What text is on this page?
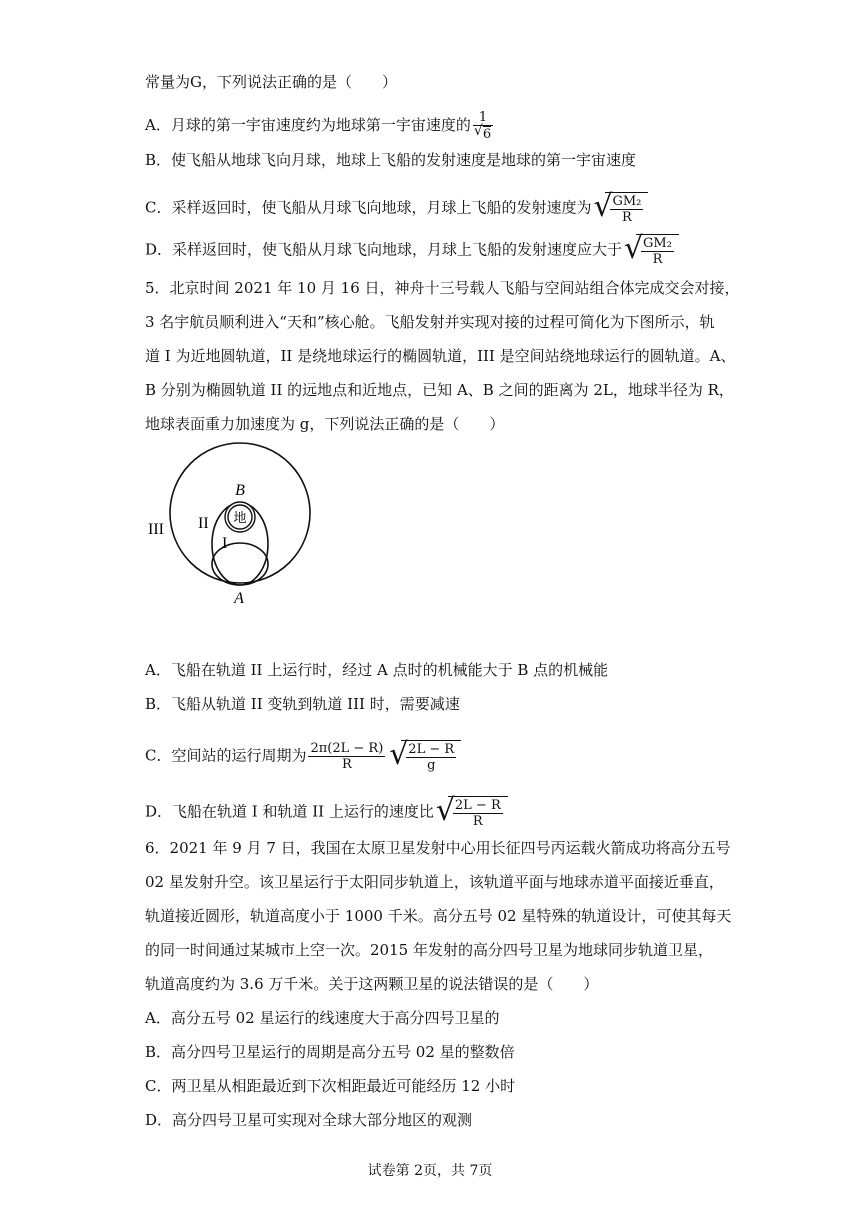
常量为G，下列说法正确的是（　　）
A．月球的第一宇宙速度约为地球第一宇宙速度的 1
√ 6
B．使飞船从地球飞向月球，地球上飞船的发射速度是地球的第一宇宙速度
C．采样返回时，使飞船从月球飞向地球，月球上飞船的发射速度为 √
$\frac{\text{GM₂}}{R}$
D．采样返回时，使飞船从月球飞向地球，月球上飞船的发射速度应大于 √
$\frac{\text{GM₂}}{R}$
5．北京时间 2021 年 10 月 16 日，神舟十三号载人飞船与空间站组合体完成交会对接，
3 名宇航员顺利进入“天和”核心舱。飞船发射并实现对接的过程可简化为下图所示，轨
道 I 为近地圆轨道，II 是绕地球运行的椭圆轨道，III 是空间站绕地球运行的圆轨道。A、
B 分别为椭圆轨道 II 的远地点和近地点，已知 A、B 之间的距离为 2L，地球半径为 R，
地球表面重力加速度为 g，下列说法正确的是（　　）
地
B
A
III II
I
A．飞船在轨道 II 上运行时，经过 A 点时的机械能大于 B 点的机械能
B．飞船从轨道 II 变轨到轨道 III 时，需要减速
C．空间站的运行周期为 $\frac{2\pi(2L - R)}{R}$ √
$\frac{2L - R}{g}$
D．飞船在轨道 I 和轨道 II 上运行的速度比 √
$\frac{2L - R}{R}$
6．2021 年 9 月 7 日，我国在太原卫星发射中心用长征四号丙运载火箭成功将高分五号
02 星发射升空。该卫星运行于太阳同步轨道上，该轨道平面与地球赤道平面接近垂直，
轨道接近圆形，轨道高度小于 1000 千米。高分五号 02 星特殊的轨道设计，可使其每天
的同一时间通过某城市上空一次。2015 年发射的高分四号卫星为地球同步轨道卫星，
轨道高度约为 3.6 万千米。关于这两颗卫星的说法错误的是（　　）
A．高分五号 02 星运行的线速度大于高分四号卫星的
B．高分四号卫星运行的周期是高分五号 02 星的整数倍
C．两卫星从相距最近到下次相距最近可能经历 12 小时
D．高分四号卫星可实现对全球大部分地区的观测
试卷第 2页，共 7页
